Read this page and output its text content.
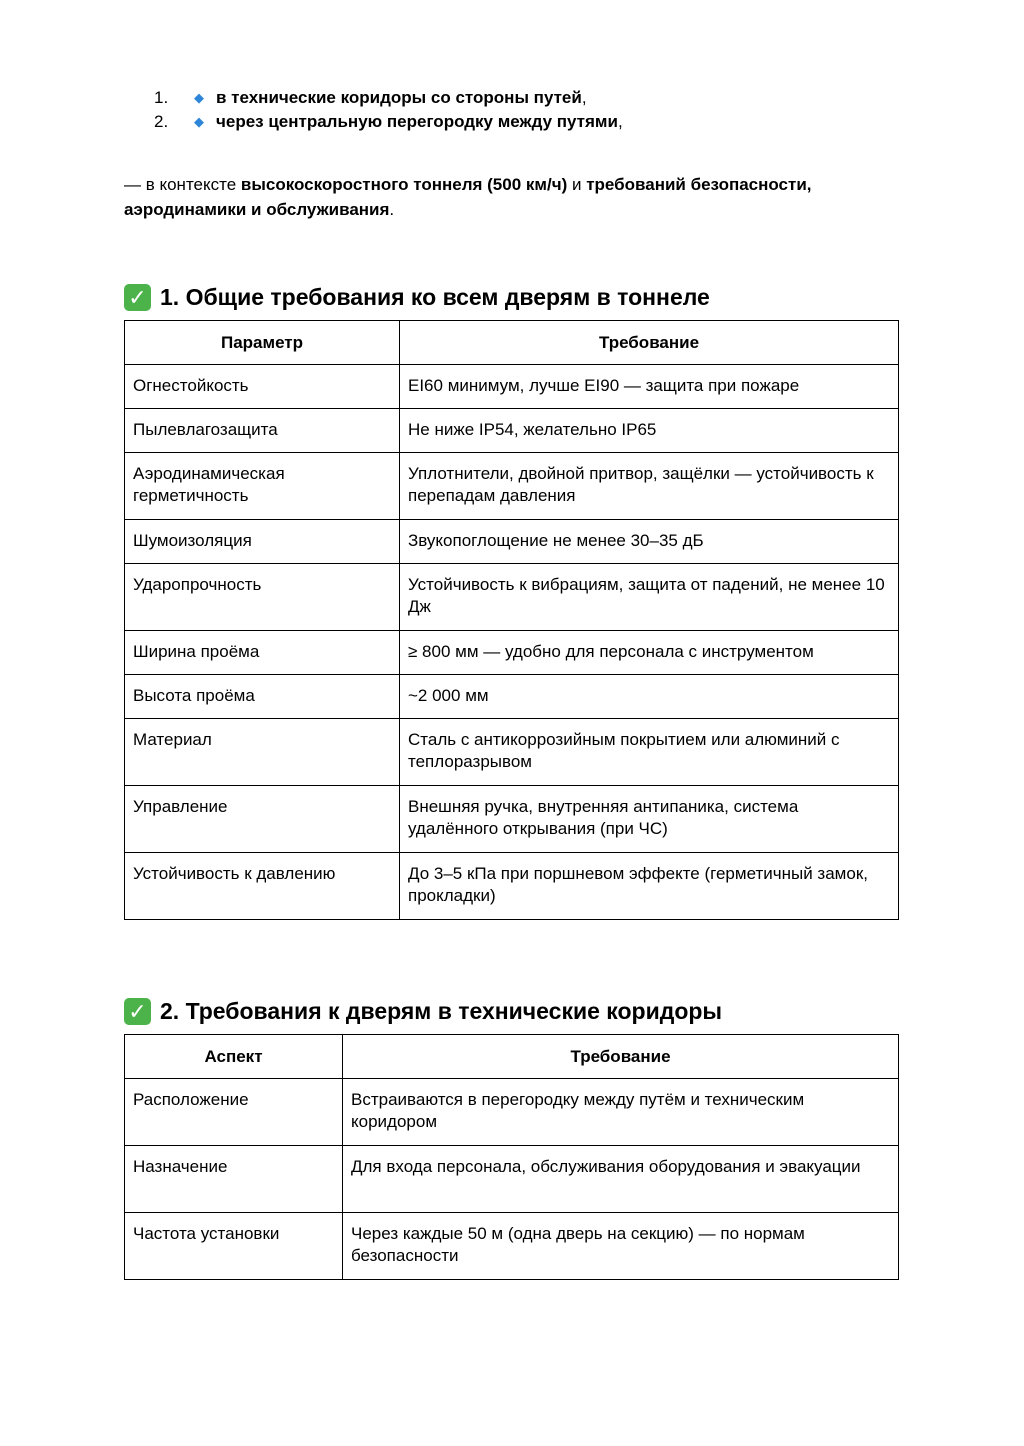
1.	◆ в технические коридоры со стороны путей ,
2.	◆ через центральную перегородку между путями ,

— в контексте высокоскоростного тоннеля (500 км/ч) и требований безопасности, аэродинамики и обслуживания.

✓ 1. Общие требования ко всем дверям в тоннеле
Параметр	Требование
Огнестойкость	EI60 минимум, лучше EI90 — защита при пожаре
Пылевлагозащита	Не ниже IP54, желательно IP65
Аэродинамическая герметичность	Уплотнители, двойной притвор, защёлки — устойчивость к перепадам давления
Шумоизоляция	Звукопоглощение не менее 30–35 дБ
Ударопрочность	Устойчивость к вибрациям, защита от падений, не менее 10 Дж
Ширина проёма	≥ 800 мм — удобно для персонала с инструментом
Высота проёма	~2 000 мм
Материал	Сталь с антикоррозийным покрытием или алюминий с теплоразрывом
Управление	Внешняя ручка, внутренняя антипаника, система удалённого открывания (при ЧС)
Устойчивость к давлению	До 3–5 кПа при поршневом эффекте (герметичный замок, прокладки)
✓ 2. Требования к дверям в технические коридоры
Аспект	Требование
Расположение	Встраиваются в перегородку между путём и техническим коридором
Назначение	Для входа персонала, обслуживания оборудования и эвакуации
Частота установки	Через каждые 50 м (одна дверь на секцию) — по нормам безопасности
